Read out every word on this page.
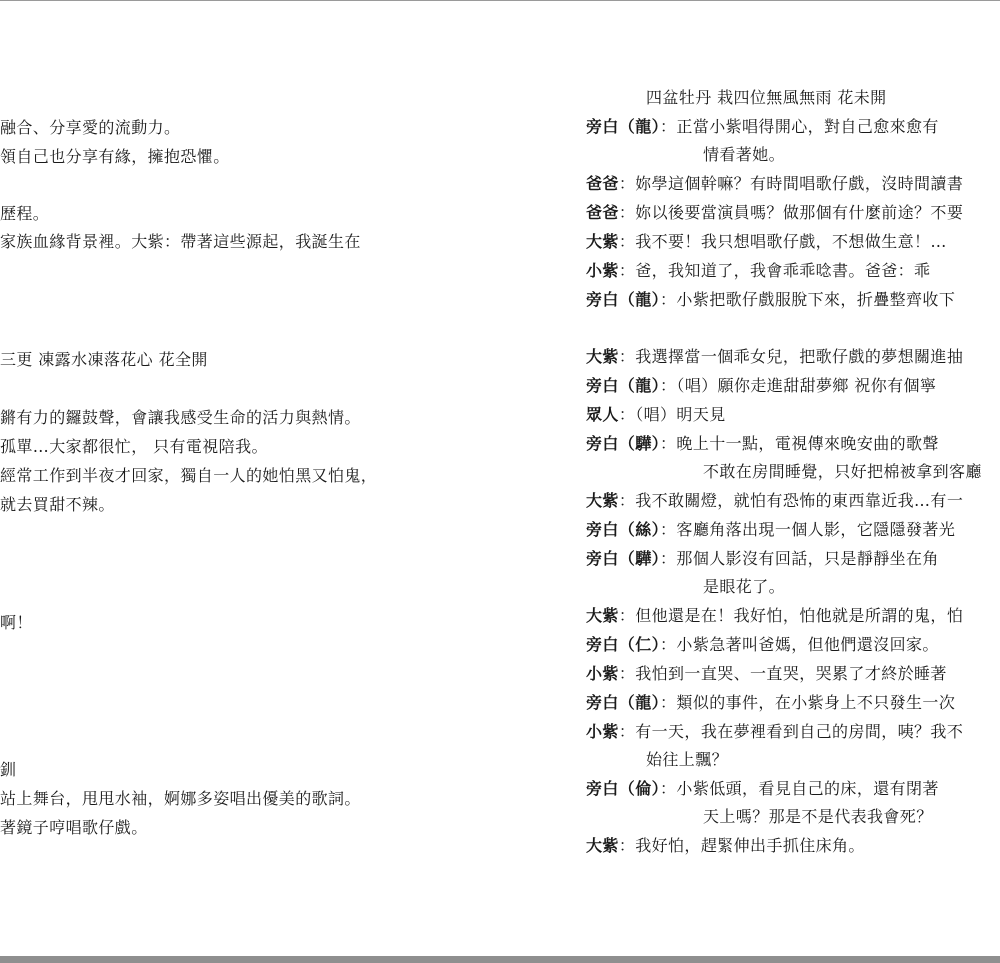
融合、分享愛的流動力。
領自己也分享有緣，擁抱恐懼。
歷程。
家族血緣背景裡。大紫：帶著這些源起，我誕生在
三更 凍露水凍落花心 花全開
鏘有力的鑼鼓聲，會讓我感受生命的活力與熱情。
孤單…大家都很忙， 只有電視陪我。
經常工作到半夜才回家，獨自一人的她怕黑又怕鬼，
就去買甜不辣。
啊！
釧
站上舞台，甩甩水袖，婀娜多姿唱出優美的歌詞。
著鏡子哼唱歌仔戲。
四盆牡丹 栽四位無風無雨 花未開
旁白（龍）：正當小紫唱得開心，對自己愈來愈有
情看著她。
爸爸：妳學這個幹嘛？有時間唱歌仔戲，沒時間讀書
爸爸：妳以後要當演員嗎？做那個有什麼前途？不要
大紫：我不要！我只想唱歌仔戲，不想做生意！…
小紫：爸，我知道了，我會乖乖唸書。爸爸：乖
旁白（龍）：小紫把歌仔戲服脫下來，折疊整齊收下
大紫：我選擇當一個乖女兒，把歌仔戲的夢想關進抽
旁白（龍）：（唱）願你走進甜甜夢鄉 祝你有個寧
眾人：（唱）明天見
旁白（驊）：晚上十一點，電視傳來晚安曲的歌聲
不敢在房間睡覺，只好把棉被拿到客廳
大紫：我不敢關燈，就怕有恐怖的東西靠近我…有一
旁白（絲）：客廳角落出現一個人影，它隱隱發著光
旁白（驊）：那個人影沒有回話，只是靜靜坐在角
是眼花了。
大紫：但他還是在！我好怕，怕他就是所謂的鬼，怕
旁白（仁）：小紫急著叫爸媽，但他們還沒回家。
小紫：我怕到一直哭、一直哭，哭累了才終於睡著
旁白（龍）：類似的事件，在小紫身上不只發生一次
小紫：有一天，我在夢裡看到自己的房間，咦？我不
始往上飄？
旁白（倫）：小紫低頭，看見自己的床，還有閉著
天上嗎？那是不是代表我會死？
大紫：我好怕，趕緊伸出手抓住床角。
